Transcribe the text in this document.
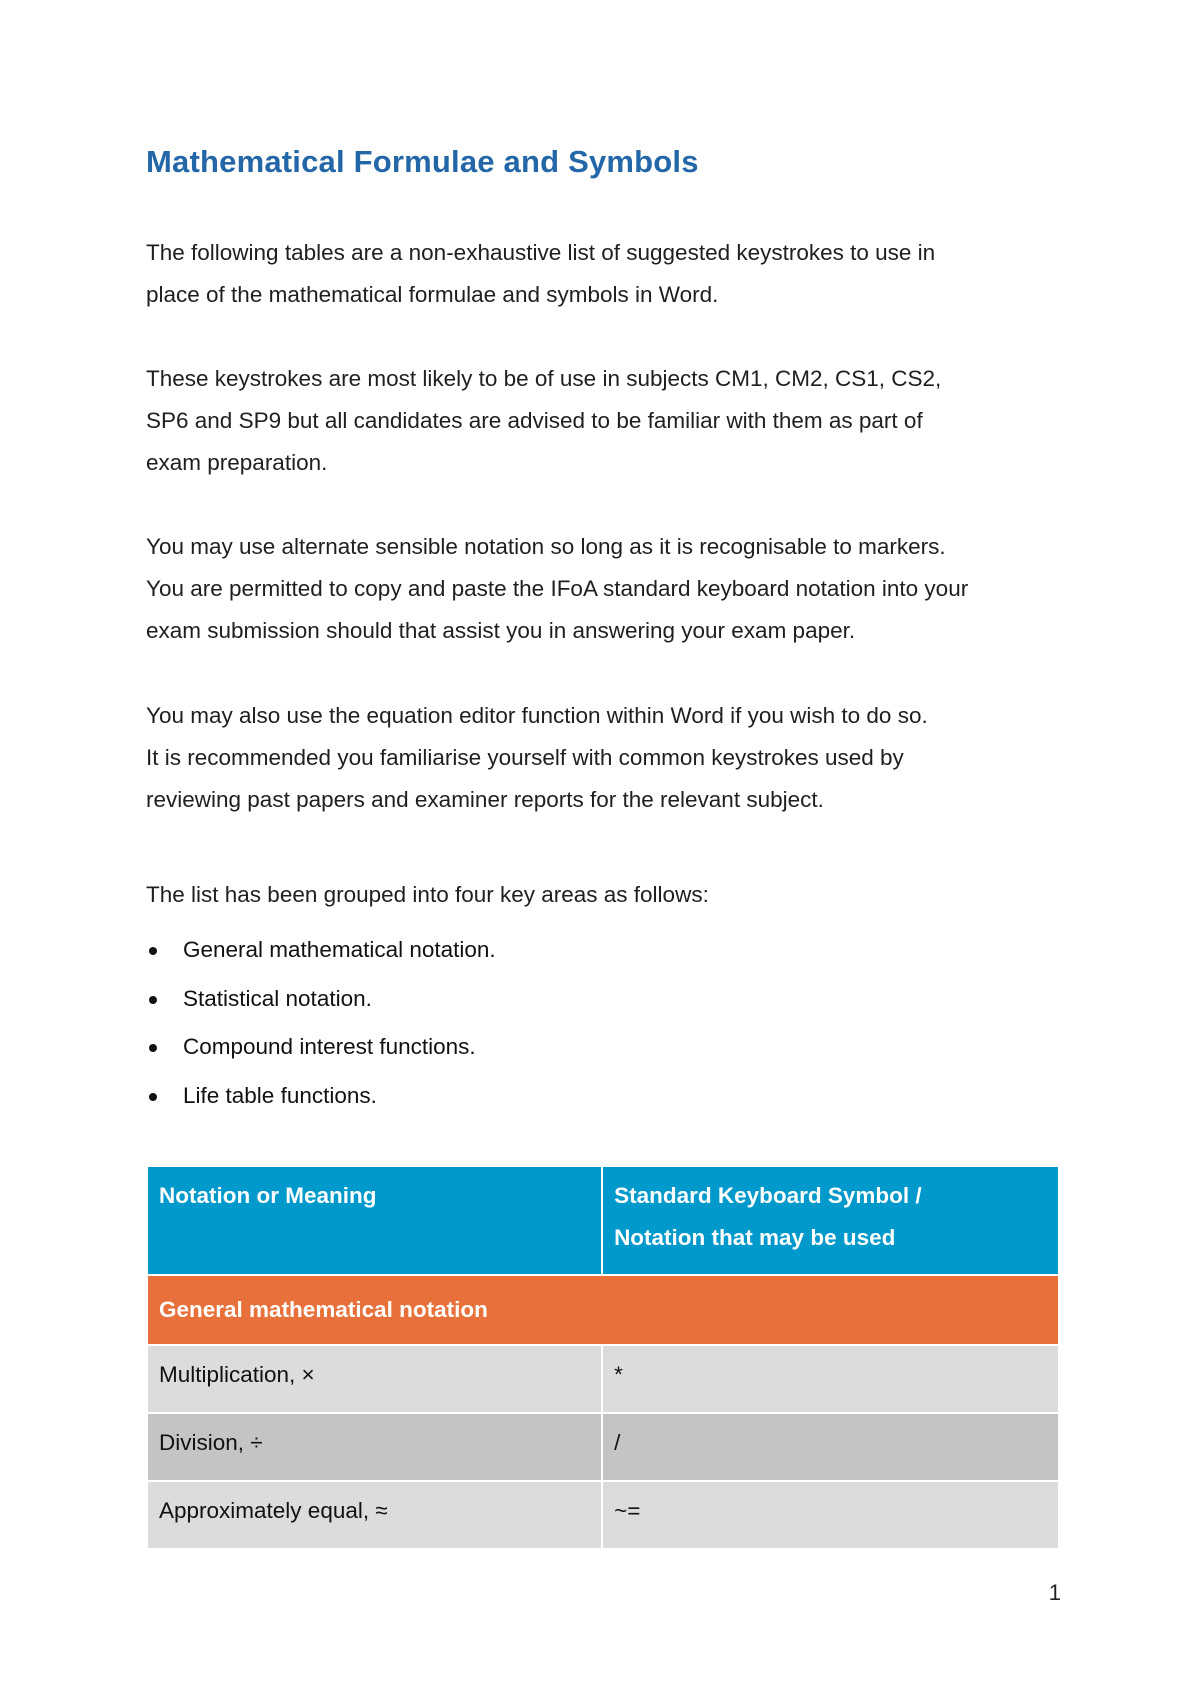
Mathematical Formulae and Symbols

The following tables are a non-exhaustive list of suggested keystrokes to use in
place of the mathematical formulae and symbols in Word.

These keystrokes are most likely to be of use in subjects CM1, CM2, CS1, CS2,
SP6 and SP9 but all candidates are advised to be familiar with them as part of
exam preparation.

You may use alternate sensible notation so long as it is recognisable to markers.
You are permitted to copy and paste the IFoA standard keyboard notation into your
exam submission should that assist you in answering your exam paper.

You may also use the equation editor function within Word if you wish to do so.
It is recommended you familiarise yourself with common keystrokes used by
reviewing past papers and examiner reports for the relevant subject.

The list has been grouped into four key areas as follows:

General mathematical notation.
Statistical notation.
Compound interest functions.
Life table functions.
Notation or Meaning	Standard Keyboard Symbol /
Notation that may be used

General mathematical notation	
Multiplication, ×	*
Division, ÷	/
Approximately equal, ≈	~=
1
